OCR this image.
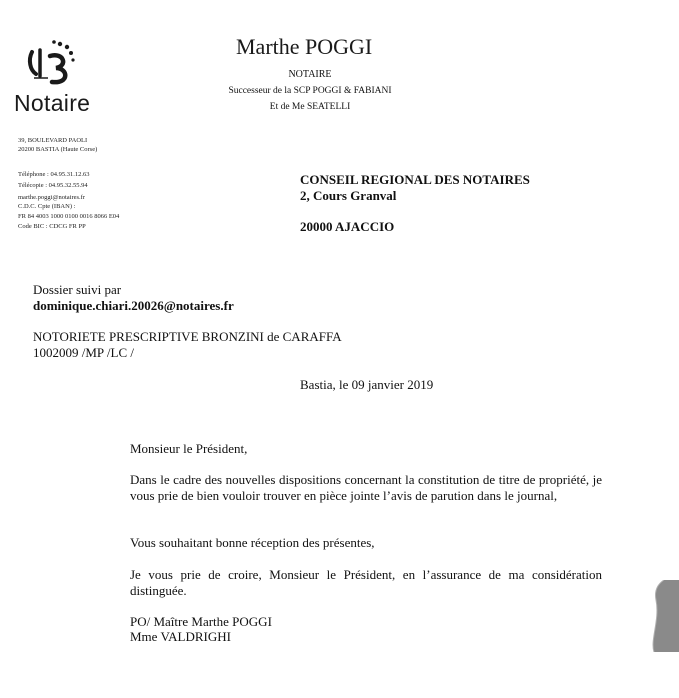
Notaire
Marthe POGGI
NOTAIRE
Successeur de la SCP POGGI & FABIANI
Et de Me SEATELLI
39, BOULEVARD PAOLI
20200 BASTIA (Haute Corse)
Téléphone : 04.95.31.12.63
Télécopie : 04.95.32.55.94
marthe.poggi@notaires.fr
C.D.C. Cpte (IBAN) :
FR 84 4003 1000 0100 0016 8066 E04
Code BIC : CDCG FR PP
CONSEIL REGIONAL DES NOTAIRES
2, Cours Granval
20000 AJACCIO
Dossier suivi par
dominique.chiari.20026@notaires.fr
NOTORIETE PRESCRIPTIVE BRONZINI de CARAFFA
1002009 /MP /LC /
Bastia, le 09 janvier 2019
Monsieur le Président,
Dans le cadre des nouvelles dispositions concernant la constitution de titre de propriété, je vous prie de bien vouloir trouver en pièce jointe l’avis de parution dans le journal,
Vous souhaitant bonne réception des présentes,
Je vous prie de croire, Monsieur le Président, en l’assurance de ma considération distinguée.
PO/ Maître Marthe POGGI
Mme VALDRIGHI
